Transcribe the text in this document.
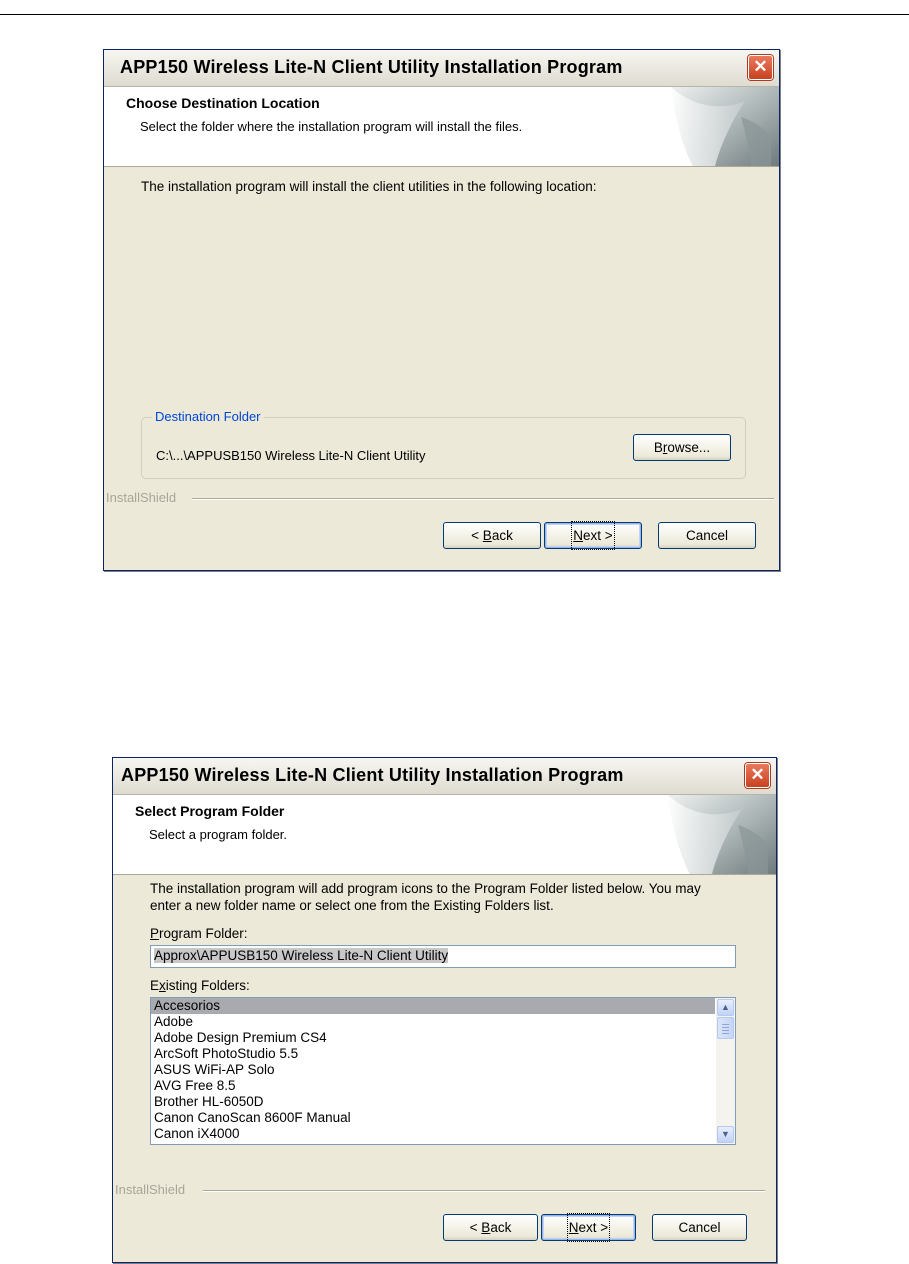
APP150 Wireless Lite-N Client Utility Installation Program	✕
Choose Destination Location
Select the folder where the installation program will install the files.
The installation program will install the client utilities in the following location:
Destination Folder
C:\...\APPUSB150 Wireless Lite-N Client Utility
Browse...
InstallShield
< Back	Next >	Cancel
APP150 Wireless Lite-N Client Utility Installation Program	✕
Select Program Folder
Select a program folder.
The installation program will add program icons to the Program Folder listed below. You may
enter a new folder name or select one from the Existing Folders list.
Program Folder:
Approx\APPUSB150 Wireless Lite-N Client Utility
Existing Folders:
Accesorios
Adobe
Adobe Design Premium CS4
ArcSoft PhotoStudio 5.5
ASUS WiFi-AP Solo
AVG Free 8.5
Brother HL-6050D
Canon CanoScan 8600F Manual
Canon iX4000
▲
▼
InstallShield
< Back	Next >	Cancel
